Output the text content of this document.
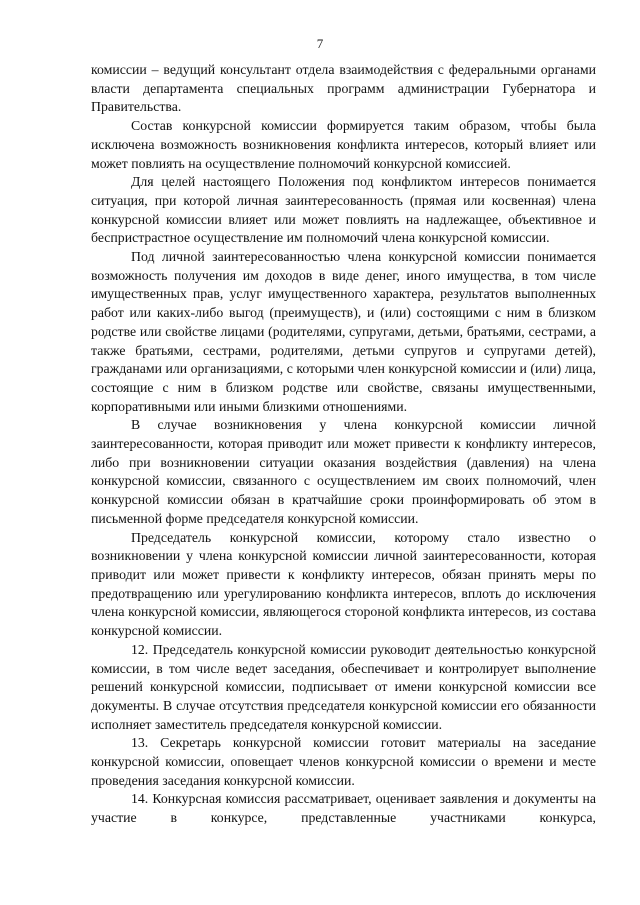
7

комиссии – ведущий консультант отдела взаимодействия с федеральными органами власти департамента специальных программ администрации Губернатора и Правительства.

Состав конкурсной комиссии формируется таким образом, чтобы была исключена возможность возникновения конфликта интересов, который влияет или может повлиять на осуществление полномочий конкурсной комиссией.

Для целей настоящего Положения под конфликтом интересов понимается ситуация, при которой личная заинтересованность (прямая или косвенная) члена конкурсной комиссии влияет или может повлиять на надлежащее, объективное и беспристрастное осуществление им полномочий члена конкурсной комиссии.

Под личной заинтересованностью члена конкурсной комиссии понимается возможность получения им доходов в виде денег, иного имущества, в том числе имущественных прав, услуг имущественного характера, результатов выполненных работ или каких-либо выгод (преимуществ), и (или) состоящими с ним в близком родстве или свойстве лицами (родителями, супругами, детьми, братьями, сестрами, а также братьями, сестрами, родителями, детьми супругов и супругами детей), гражданами или организациями, с которыми член конкурсной комиссии и (или) лица, состоящие с ним в близком родстве или свойстве, связаны имущественными, корпоративными или иными близкими отношениями.

В случае возникновения у члена конкурсной комиссии личной заинтересованности, которая приводит или может привести к конфликту интересов, либо при возникновении ситуации оказания воздействия (давления) на члена конкурсной комиссии, связанного с осуществлением им своих полномочий, член конкурсной комиссии обязан в кратчайшие сроки проинформировать об этом в письменной форме председателя конкурсной комиссии.

Председатель конкурсной комиссии, которому стало известно о возникновении у члена конкурсной комиссии личной заинтересованности, которая приводит или может привести к конфликту интересов, обязан принять меры по предотвращению или урегулированию конфликта интересов, вплоть до исключения члена конкурсной комиссии, являющегося стороной конфликта интересов, из состава конкурсной комиссии.

12. Председатель конкурсной комиссии руководит деятельностью конкурсной комиссии, в том числе ведет заседания, обеспечивает и контролирует выполнение решений конкурсной комиссии, подписывает от имени конкурсной комиссии все документы. В случае отсутствия председателя конкурсной комиссии его обязанности исполняет заместитель председателя конкурсной комиссии.

13. Секретарь конкурсной комиссии готовит материалы на заседание конкурсной комиссии, оповещает членов конкурсной комиссии о времени и месте проведения заседания конкурсной комиссии.

14. Конкурсная комиссия рассматривает, оценивает заявления и документы на участие в конкурсе, представленные участниками конкурса,
